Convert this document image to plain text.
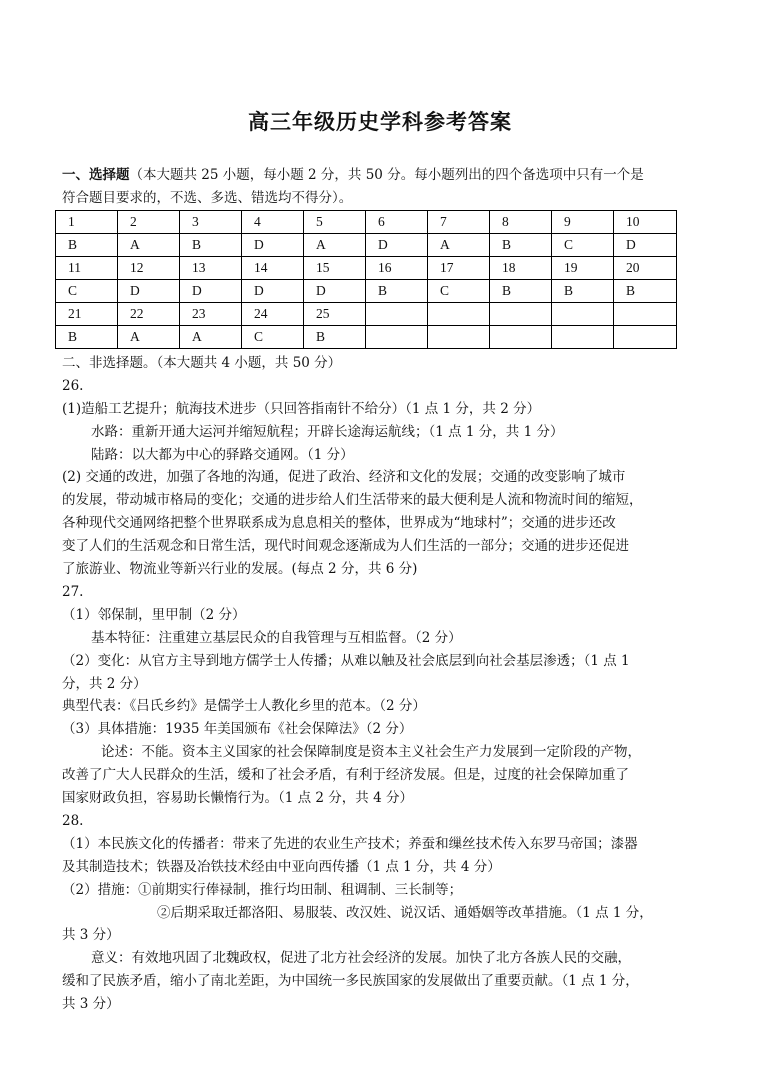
高三年级历史学科参考答案
一、选择题（本大题共 25 小题，每小题 2 分，共 50 分。每小题列出的四个备选项中只有一个是
符合题目要求的，不选、多选、错选均不得分）。
1	2	3	4	5	6	7	8	9	10
B	A	B	D	A	D	A	B	C	D
11	12	13	14	15	16	17	18	19	20
C	D	D	D	D	B	C	B	B	B
21	22	23	24	25					
B	A	A	C	B					
二、非选择题。（本大题共 4 小题，共 50 分）
26.
(1)造船工艺提升；航海技术进步（只回答指南针不给分）（1 点 1 分，共 2 分）
水路：重新开通大运河并缩短航程；开辟长途海运航线；（1 点 1 分，共 1 分）
陆路：以大都为中心的驿路交通网。（1 分）
(2) 交通的改进，加强了各地的沟通，促进了政治、经济和文化的发展；交通的改变影响了城市
的发展，带动城市格局的变化；交通的进步给人们生活带来的最大便利是人流和物流时间的缩短，
各种现代交通网络把整个世界联系成为息息相关的整体，世界成为“地球村”；交通的进步还改
变了人们的生活观念和日常生活，现代时间观念逐渐成为人们生活的一部分；交通的进步还促进
了旅游业、物流业等新兴行业的发展。(每点 2 分，共 6 分)
27.
（1）邻保制，里甲制（2 分）
基本特征：注重建立基层民众的自我管理与互相监督。（2 分）
（2）变化：从官方主导到地方儒学士人传播；从难以触及社会底层到向社会基层渗透；（1 点 1
分，共 2 分）
典型代表：《吕氏乡约》是儒学士人教化乡里的范本。（2 分）
（3）具体措施：1935 年美国颁布《社会保障法》（2 分）
论述：不能。资本主义国家的社会保障制度是资本主义社会生产力发展到一定阶段的产物，
改善了广大人民群众的生活，缓和了社会矛盾，有利于经济发展。但是，过度的社会保障加重了
国家财政负担，容易助长懒惰行为。（1 点 2 分，共 4 分）
28.
（1）本民族文化的传播者：带来了先进的农业生产技术；养蚕和缫丝技术传入东罗马帝国；漆器
及其制造技术；铁器及冶铁技术经由中亚向西传播（1 点 1 分，共 4 分）
（2）措施：①前期实行俸禄制，推行均田制、租调制、三长制等；
②后期采取迁都洛阳、易服装、改汉姓、说汉话、通婚姻等改革措施。（1 点 1 分，
共 3 分）
意义：有效地巩固了北魏政权，促进了北方社会经济的发展。加快了北方各族人民的交融，
缓和了民族矛盾，缩小了南北差距，为中国统一多民族国家的发展做出了重要贡献。（1 点 1 分，
共 3 分）
